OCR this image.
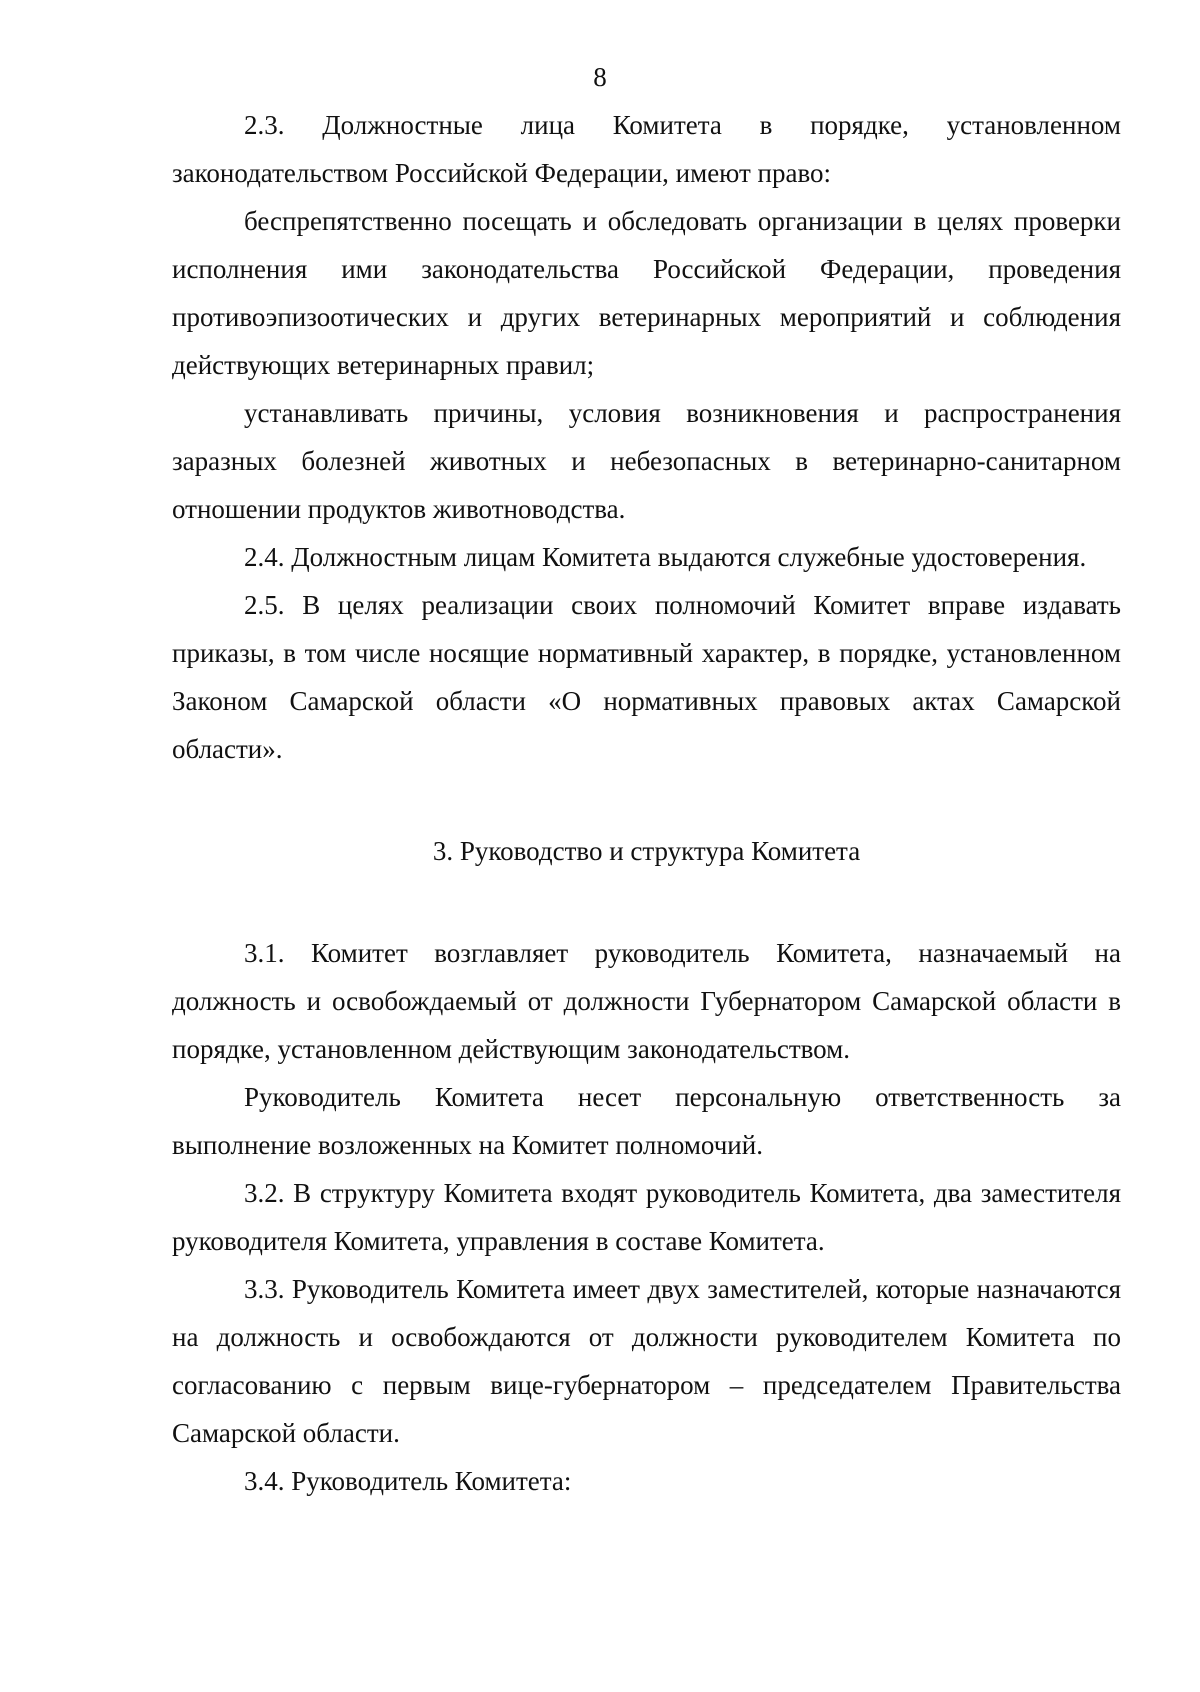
8

2.3. Должностные лица Комитета в порядке, установленном законодательством Российской Федерации, имеют право:

беспрепятственно посещать и обследовать организации в целях проверки исполнения ими законодательства Российской Федерации, проведения противоэпизоотических и других ветеринарных мероприятий и соблюдения действующих ветеринарных правил;

устанавливать причины, условия возникновения и распространения заразных болезней животных и небезопасных в ветеринарно-санитарном отношении продуктов животноводства.

2.4. Должностным лицам Комитета выдаются служебные удостоверения.

2.5. В целях реализации своих полномочий Комитет вправе издавать приказы, в том числе носящие нормативный характер, в порядке, установленном Законом Самарской области «О нормативных правовых актах Самарской области».

3. Руководство и структура Комитета

3.1. Комитет возглавляет руководитель Комитета, назначаемый на должность и освобождаемый от должности Губернатором Самарской области в порядке, установленном действующим законодательством.

Руководитель Комитета несет персональную ответственность за выполнение возложенных на Комитет полномочий.

3.2. В структуру Комитета входят руководитель Комитета, два заместителя руководителя Комитета, управления в составе Комитета.

3.3. Руководитель Комитета имеет двух заместителей, которые назначаются на должность и освобождаются от должности руководителем Комитета по согласованию с первым вице-губернатором – председателем Правительства Самарской области.

3.4. Руководитель Комитета:
